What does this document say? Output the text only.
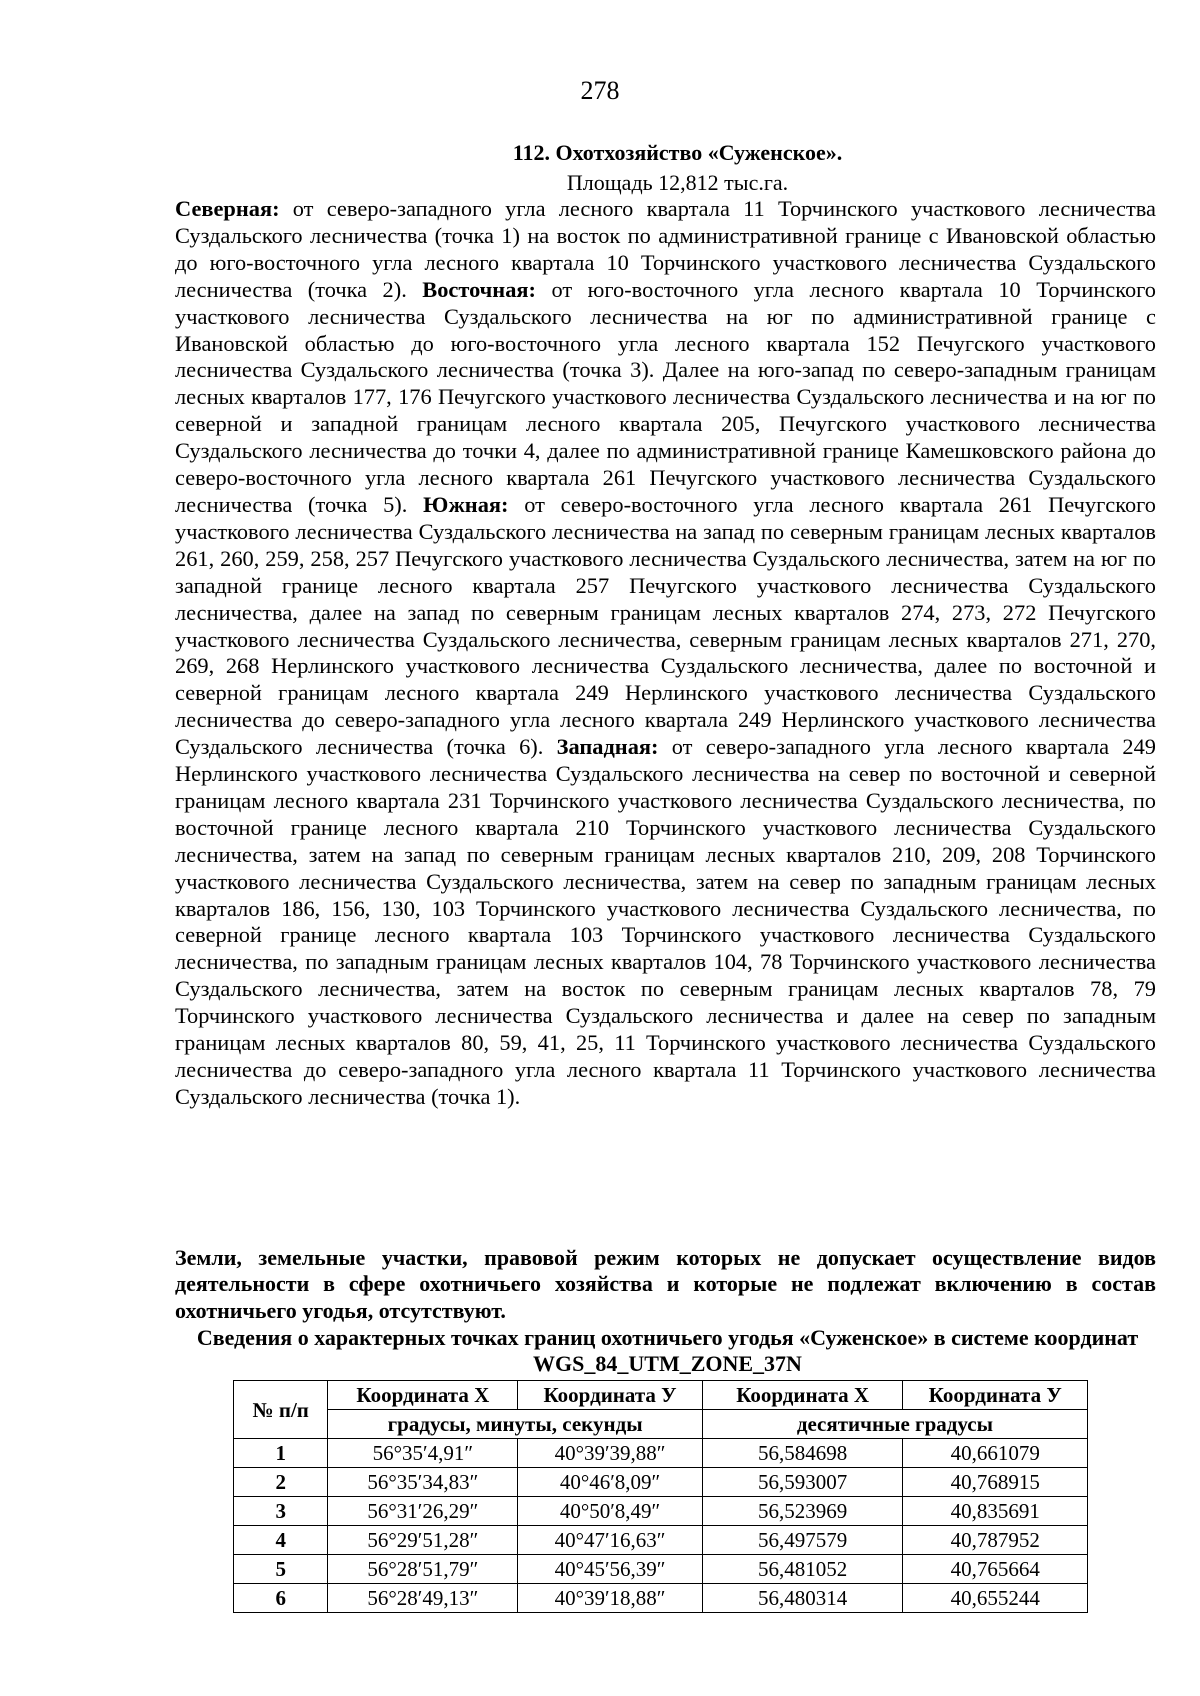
278
112. Охотхозяйство «Суженское».
Площадь 12,812 тыс.га.

Северная: от северо-западного угла лесного квартала 11 Торчинского участкового лесничества Суздальского лесничества (точка 1) на восток по административной границе с Ивановской областью до юго-восточного угла лесного квартала 10 Торчинского участкового лесничества Суздальского лесничества (точка 2). Восточная: от юго-восточного угла лесного квартала 10 Торчинского участкового лесничества Суздальского лесничества на юг по административной границе с Ивановской областью до юго-восточного угла лесного квартала 152 Печугского участкового лесничества Суздальского лесничества (точка 3). Далее на юго-запад по северо-западным границам лесных кварталов 177, 176 Печугского участкового лесничества Суздальского лесничества и на юг по северной и западной границам лесного квартала 205, Печугского участкового лесничества Суздальского лесничества до точки 4, далее по административной границе Камешковского района до северо-восточного угла лесного квартала 261 Печугского участкового лесничества Суздальского лесничества (точка 5). Южная: от северо-восточного угла лесного квартала 261 Печугского участкового лесничества Суздальского лесничества на запад по северным границам лесных кварталов 261, 260, 259, 258, 257 Печугского участкового лесничества Суздальского лесничества, затем на юг по западной границе лесного квартала 257 Печугского участкового лесничества Суздальского лесничества, далее на запад по северным границам лесных кварталов 274, 273, 272 Печугского участкового лесничества Суздальского лесничества, северным границам лесных кварталов 271, 270, 269, 268 Нерлинского участкового лесничества Суздальского лесничества, далее по восточной и северной границам лесного квартала 249 Нерлинского участкового лесничества Суздальского лесничества до северо-западного угла лесного квартала 249 Нерлинского участкового лесничества Суздальского лесничества (точка 6). Западная: от северо-западного угла лесного квартала 249 Нерлинского участкового лесничества Суздальского лесничества на север по восточной и северной границам лесного квартала 231 Торчинского участкового лесничества Суздальского лесничества, по восточной границе лесного квартала 210 Торчинского участкового лесничества Суздальского лесничества, затем на запад по северным границам лесных кварталов 210, 209, 208 Торчинского участкового лесничества Суздальского лесничества, затем на север по западным границам лесных кварталов 186, 156, 130, 103 Торчинского участкового лесничества Суздальского лесничества, по северной границе лесного квартала 103 Торчинского участкового лесничества Суздальского лесничества, по западным границам лесных кварталов 104, 78 Торчинского участкового лесничества Суздальского лесничества, затем на восток по северным границам лесных кварталов 78, 79 Торчинского участкового лесничества Суздальского лесничества и далее на север по западным границам лесных кварталов 80, 59, 41, 25, 11 Торчинского участкового лесничества Суздальского лесничества до северо-западного угла лесного квартала 11 Торчинского участкового лесничества Суздальского лесничества (точка 1).

Земли, земельные участки, правовой режим которых не допускает осуществление видов деятельности в сфере охотничьего хозяйства и которые не подлежат включению в состав охотничьего угодья, отсутствуют.
Сведения о характерных точках границ охотничьего угодья «Суженское» в системе координат WGS_84_UTM_ZONE_37N
№ п/п	Координата X	Координата У	Координата X	Координата У
	градусы, минуты, секунды		десятичные градусы	
1	56°35′4,91″	40°39′39,88″	56,584698	40,661079
2	56°35′34,83″	40°46′8,09″	56,593007	40,768915
3	56°31′26,29″	40°50′8,49″	56,523969	40,835691
4	56°29′51,28″	40°47′16,63″	56,497579	40,787952
5	56°28′51,79″	40°45′56,39″	56,481052	40,765664
6	56°28′49,13″	40°39′18,88″	56,480314	40,655244
